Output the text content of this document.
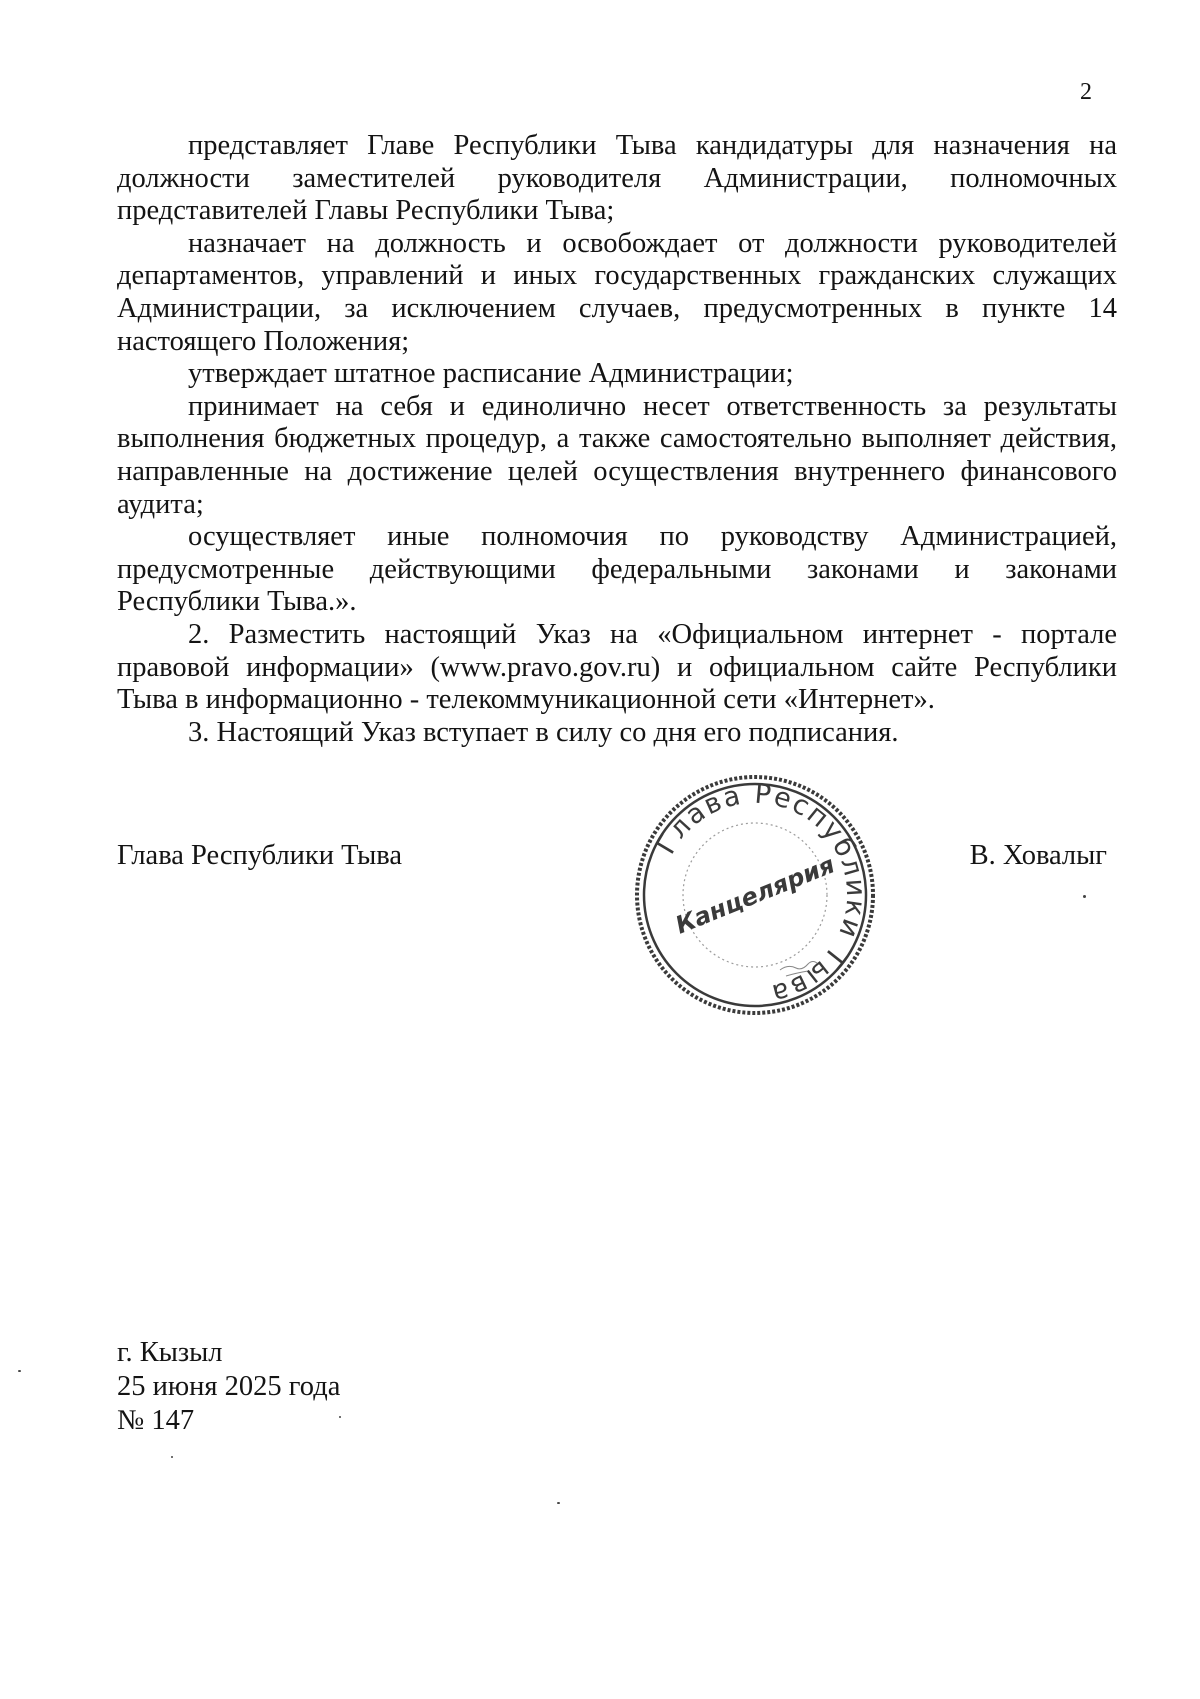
2

представляет Главе Республики Тыва кандидатуры для назначения на должности заместителей руководителя Администрации, полномочных представителей Главы Республики Тыва;

назначает на должность и освобождает от должности руководителей департаментов, управлений и иных государственных гражданских служащих Администрации, за исключением случаев, предусмотренных в пункте 14 настоящего Положения;

утверждает штатное расписание Администрации;

принимает на себя и единолично несет ответственность за результаты выполнения бюджетных процедур, а также самостоятельно выполняет действия, направленные на достижение целей осуществления внутреннего финансового аудита;

осуществляет иные полномочия по руководству Администрацией, предусмотренные действующими федеральными законами и законами Республики Тыва.».

2. Разместить настоящий Указ на «Официальном интернет - портале правовой информации» (www.pravo.gov.ru) и официальном сайте Республики Тыва в информационно - телекоммуникационной сети «Интернет».

3. Настоящий Указ вступает в силу со дня его подписания.

Глава Республики Тыва	В. Ховалыг
Глава Республики Тыва
Канцелярия
г. Кызыл
25 июня 2025 года
№ 147
